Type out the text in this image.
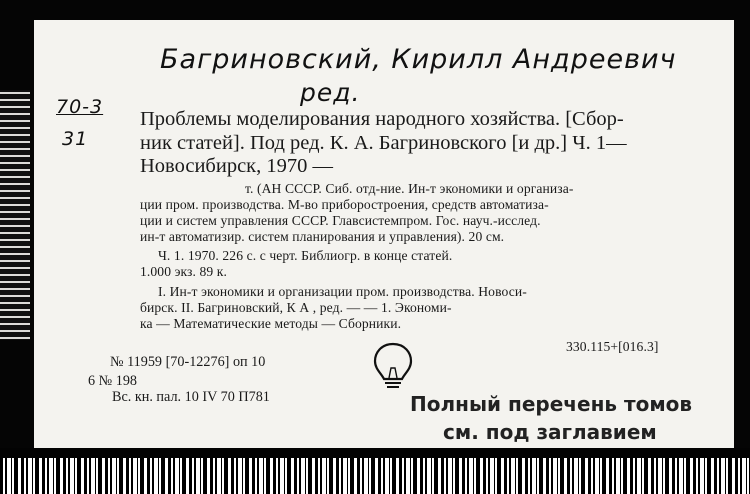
Багриновский, Кирилл Андреевич
ред.
70-3
31
Проблемы моделирования народного хозяйства. [Сбор-
ник статей]. Под ред. К. А. Багриновского [и др.] Ч. 1—
Новосибирск, 1970 —
т. (АН СССР. Сиб. отд-ние. Ин-т экономики и организа-
ции пром. производства. М-во приборостроения, средств автоматиза-
ции и систем управления СССР. Главсистемпром. Гос. науч.-исслед.
ин-т автоматизир. систем планирования и управления). 20 см.
Ч. 1. 1970. 226 с. с черт. Библиогр. в конце статей.
1.000 экз. 89 к.
I. Ин-т экономики и организации пром. производства. Новоси-
бирск. II. Багриновский, К А , ред. — — 1. Экономи-
ка — Математические методы — Сборники.
330.115+[016.3]
№ 11959 [70-12276] оп 10
6 № 198
Вс. кн. пал. 10 IV 70 П781	Полный перечень томов
см. под заглавием
